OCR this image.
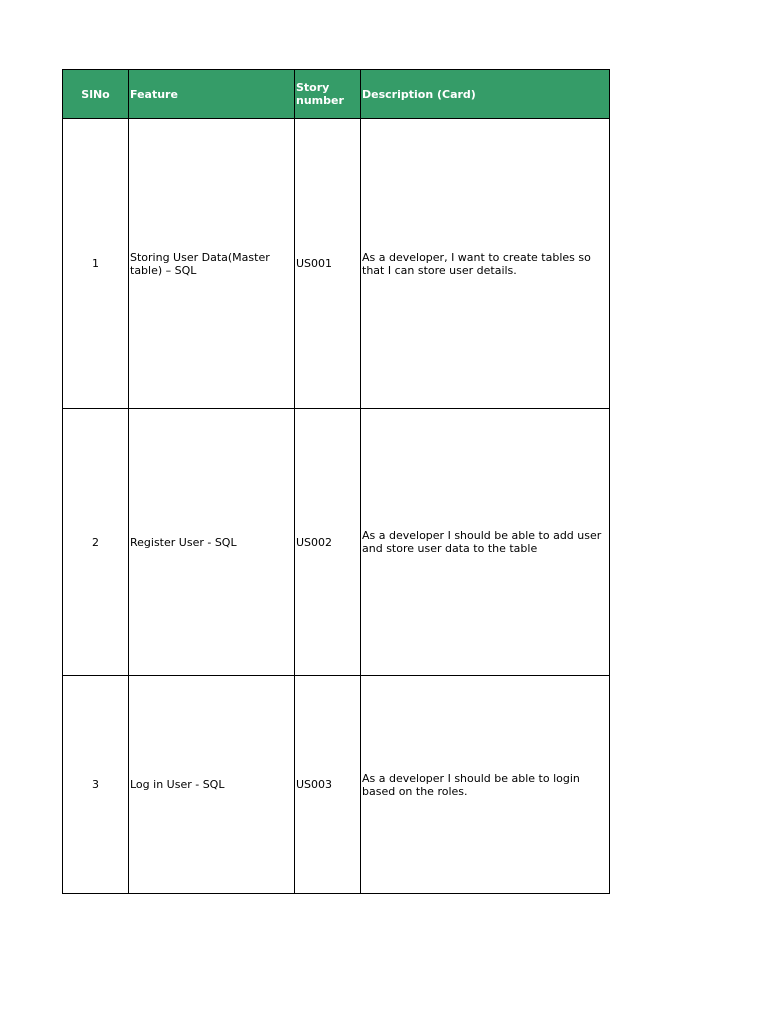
SlNo	Feature	Story number	Description (Card)
1	Storing User Data(Master table) – SQL	US001	As a developer, I want to create tables so that I can store user details.
2	Register User - SQL	US002	As a developer I should be able to add user and store user data to the table
3	Log in User - SQL	US003	As a developer I should be able to login based on the roles.
